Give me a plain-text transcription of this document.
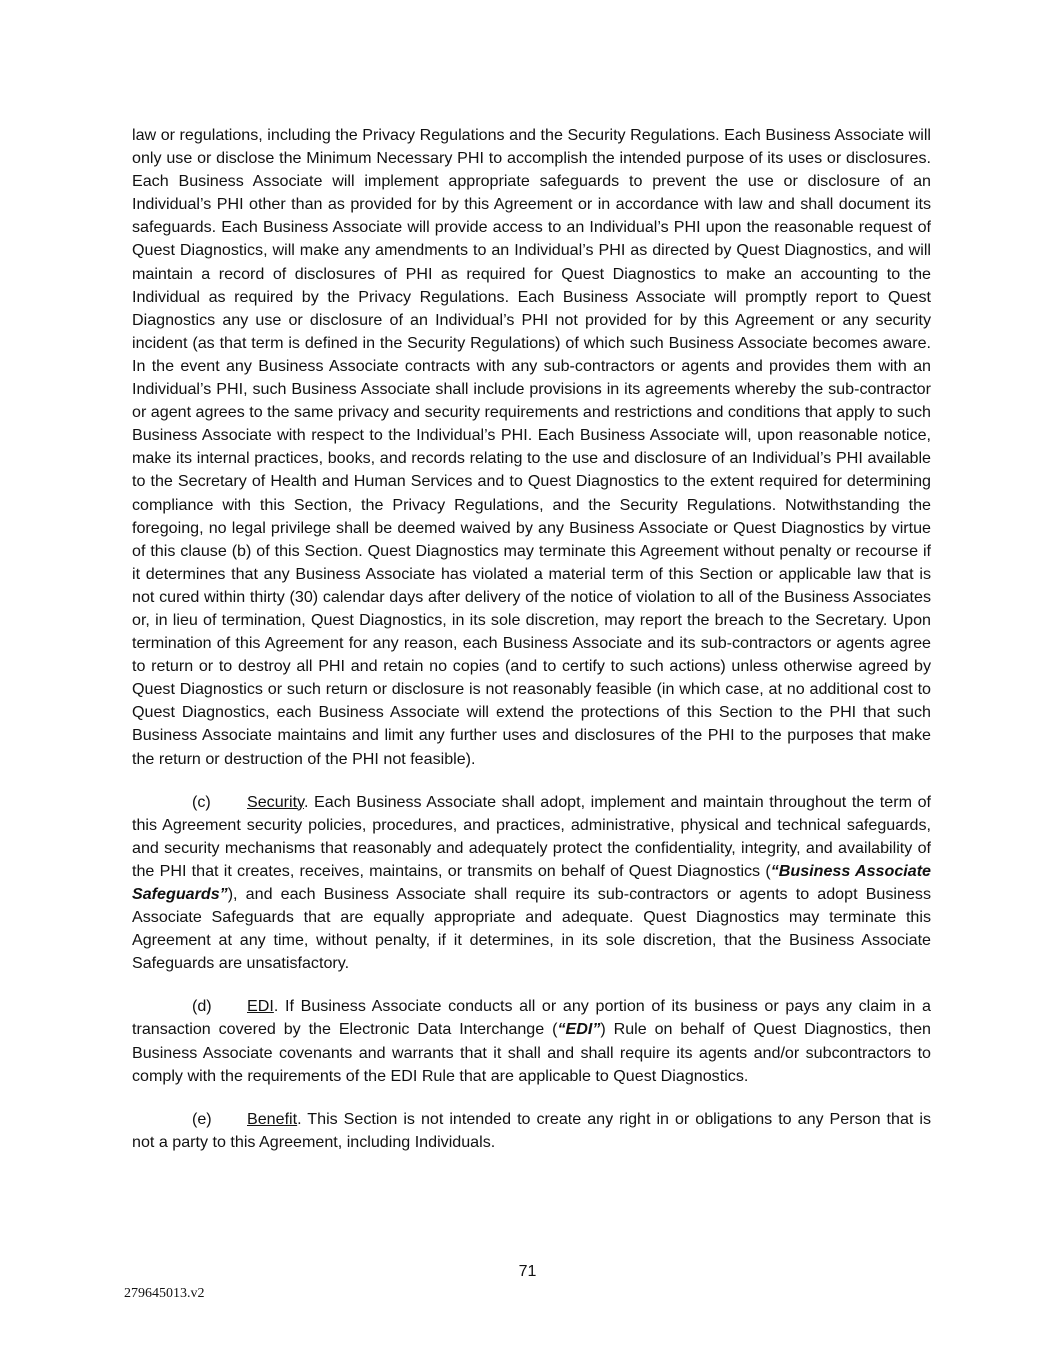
law or regulations, including the Privacy Regulations and the Security Regulations. Each Business Associate will only use or disclose the Minimum Necessary PHI to accomplish the intended purpose of its uses or disclosures. Each Business Associate will implement appropriate safeguards to prevent the use or disclosure of an Individual’s PHI other than as provided for by this Agreement or in accordance with law and shall document its safeguards. Each Business Associate will provide access to an Individual’s PHI upon the reasonable request of Quest Diagnostics, will make any amendments to an Individual’s PHI as directed by Quest Diagnostics, and will maintain a record of disclosures of PHI as required for Quest Diagnostics to make an accounting to the Individual as required by the Privacy Regulations. Each Business Associate will promptly report to Quest Diagnostics any use or disclosure of an Individual’s PHI not provided for by this Agreement or any security incident (as that term is defined in the Security Regulations) of which such Business Associate becomes aware. In the event any Business Associate contracts with any sub-contractors or agents and provides them with an Individual’s PHI, such Business Associate shall include provisions in its agreements whereby the sub-contractor or agent agrees to the same privacy and security requirements and restrictions and conditions that apply to such Business Associate with respect to the Individual’s PHI. Each Business Associate will, upon reasonable notice, make its internal practices, books, and records relating to the use and disclosure of an Individual’s PHI available to the Secretary of Health and Human Services and to Quest Diagnostics to the extent required for determining compliance with this Section, the Privacy Regulations, and the Security Regulations. Notwithstanding the foregoing, no legal privilege shall be deemed waived by any Business Associate or Quest Diagnostics by virtue of this clause (b) of this Section. Quest Diagnostics may terminate this Agreement without penalty or recourse if it determines that any Business Associate has violated a material term of this Section or applicable law that is not cured within thirty (30) calendar days after delivery of the notice of violation to all of the Business Associates or, in lieu of termination, Quest Diagnostics, in its sole discretion, may report the breach to the Secretary. Upon termination of this Agreement for any reason, each Business Associate and its sub-contractors or agents agree to return or to destroy all PHI and retain no copies (and to certify to such actions) unless otherwise agreed by Quest Diagnostics or such return or disclosure is not reasonably feasible (in which case, at no additional cost to Quest Diagnostics, each Business Associate will extend the protections of this Section to the PHI that such Business Associate maintains and limit any further uses and disclosures of the PHI to the purposes that make the return or destruction of the PHI not feasible).

(c) Security. Each Business Associate shall adopt, implement and maintain throughout the term of this Agreement security policies, procedures, and practices, administrative, physical and technical safeguards, and security mechanisms that reasonably and adequately protect the confidentiality, integrity, and availability of the PHI that it creates, receives, maintains, or transmits on behalf of Quest Diagnostics (“Business Associate Safeguards”), and each Business Associate shall require its sub-contractors or agents to adopt Business Associate Safeguards that are equally appropriate and adequate. Quest Diagnostics may terminate this Agreement at any time, without penalty, if it determines, in its sole discretion, that the Business Associate Safeguards are unsatisfactory.

(d) EDI. If Business Associate conducts all or any portion of its business or pays any claim in a transaction covered by the Electronic Data Interchange (“EDI”) Rule on behalf of Quest Diagnostics, then Business Associate covenants and warrants that it shall and shall require its agents and/or subcontractors to comply with the requirements of the EDI Rule that are applicable to Quest Diagnostics.

(e) Benefit. This Section is not intended to create any right in or obligations to any Person that is not a party to this Agreement, including Individuals.

71
279645013.v2
